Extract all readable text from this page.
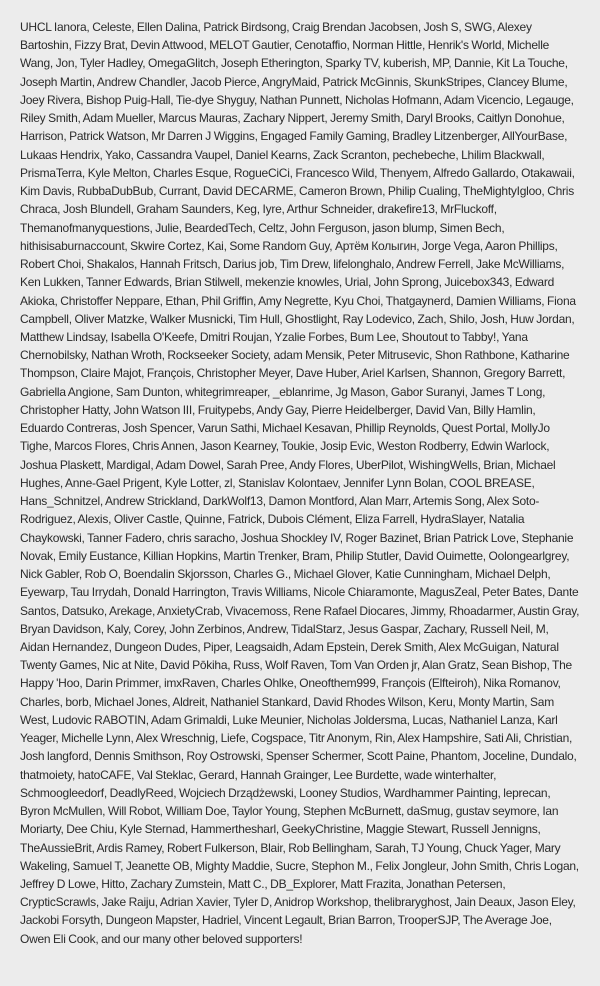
UHCL Ianora, Celeste, Ellen Dalina, Patrick Birdsong, Craig Brendan Jacobsen, Josh S, SWG, Alexey Bartoshin, Fizzy Brat, Devin Attwood, MELOT Gautier, Cenotaffio, Norman Hittle, Henrik's World, Michelle Wang, Jon, Tyler Hadley, OmegaGlitch, Joseph Etherington, Sparky TV, kuberish, MP, Dannie, Kit La Touche, Joseph Martin, Andrew Chandler, Jacob Pierce, AngryMaid, Patrick McGinnis, SkunkStripes, Clancey Blume, Joey Rivera, Bishop Puig-Hall, Tie-dye Shyguy, Nathan Punnett, Nicholas Hofmann, Adam Vicencio, Legauge, Riley Smith, Adam Mueller, Marcus Mauras, Zachary Nippert, Jeremy Smith, Daryl Brooks, Caitlyn Donohue, Harrison, Patrick Watson, Mr Darren J Wiggins, Engaged Family Gaming, Bradley Litzenberger, AllYourBase, Lukaas Hendrix, Yako, Cassandra Vaupel, Daniel Kearns, Zack Scranton, pechebeche, Lhilim Blackwall, PrismaTerra, Kyle Melton, Charles Esque, RogueCiCi, Francesco Wild, Thenyem, Alfredo Gallardo, Otakawaii, Kim Davis, RubbaDubBub, Currant, David DECARME, Cameron Brown, Philip Cualing, TheMightyIgloo, Chris Chraca, Josh Blundell, Graham Saunders, Keg, Iyre, Arthur Schneider, drakefire13, MrFluckoff, Themanofmanyquestions, Julie, BeardedTech, Celtz, John Ferguson, jason blump, Simen Bech, hithisisaburnaccount, Skwire Cortez, Kai, Some Random Guy, Артём Колыгин, Jorge Vega, Aaron Phillips, Robert Choi, Shakalos, Hannah Fritsch, Darius job, Tim Drew, lifelonghalo, Andrew Ferrell, Jake McWilliams, Ken Lukken, Tanner Edwards, Brian Stilwell, mekenzie knowles, Urial, John Sprong, Juicebox343, Edward Akioka, Christoffer Neppare, Ethan, Phil Griffin, Amy Negrette, Kyu Choi, Thatgaynerd, Damien Williams, Fiona Campbell, Oliver Matzke, Walker Musnicki, Tim Hull, Ghostlight, Ray Lodevico, Zach, Shilo, Josh, Huw Jordan, Matthew Lindsay, Isabella O'Keefe, Dmitri Roujan, Yzalie Forbes, Bum Lee, Shoutout to Tabby!, Yana Chernobilsky, Nathan Wroth, Rockseeker Society, adam Mensik, Peter Mitrusevic, Shon Rathbone, Katharine Thompson, Claire Majot, François, Christopher Meyer, Dave Huber, Ariel Karlsen, Shannon, Gregory Barrett, Gabriella Angione, Sam Dunton, whitegrimreaper, _eblanrime, Jg Mason, Gabor Suranyi, James T Long, Christopher Hatty, John Watson III, Fruitypebs, Andy Gay, Pierre Heidelberger, David Van, Billy Hamlin, Eduardo Contreras, Josh Spencer, Varun Sathi, Michael Kesavan, Phillip Reynolds, Quest Portal, MollyJo Tighe, Marcos Flores, Chris Annen, Jason Kearney, Toukie, Josip Evic, Weston Rodberry, Edwin Warlock, Joshua Plaskett, Mardigal, Adam Dowel, Sarah Pree, Andy Flores, UberPilot, WishingWells, Brian, Michael Hughes, Anne-Gael Prigent, Kyle Lotter, zl, Stanislav Kolontaev, Jennifer Lynn Bolan, COOL BREASE, Hans_Schnitzel, Andrew Strickland, DarkWolf13, Damon Montford, Alan Marr, Artemis Song, Alex Soto-Rodriguez, Alexis, Oliver Castle, Quinne, Fatrick, Dubois Clément, Eliza Farrell, HydraSlayer, Natalia Chaykowski, Tanner Fadero, chris saracho, Joshua Shockley IV, Roger Bazinet, Brian Patrick Love, Stephanie Novak, Emily Eustance, Killian Hopkins, Martin Trenker, Bram, Philip Stutler, David Ouimette, Oolongearlgrey, Nick Gabler, Rob O, Boendalin Skjorsson, Charles G., Michael Glover, Katie Cunningham, Michael Delph, Eyewarp, Tau Irrydah, Donald Harrington, Travis Williams, Nicole Chiaramonte, MagusZeal, Peter Bates, Dante Santos, Datsuko, Arekage, AnxietyCrab, Vivacemoss, Rene Rafael Diocares, Jimmy, Rhoadarmer, Austin Gray, Bryan Davidson, Kaly, Corey, John Zerbinos, Andrew, TidalStarz, Jesus Gaspar, Zachary, Russell Neil, M, Aidan Hernandez, Dungeon Dudes, Piper, Leagsaidh, Adam Epstein, Derek Smith, Alex McGuigan, Natural Twenty Games, Nic at Nite, David Pōkiha, Russ, Wolf Raven, Tom Van Orden jr, Alan Gratz, Sean Bishop, The Happy 'Hoo, Darin Primmer, imxRaven, Charles Ohlke, Oneofthem999, François (Elfteiroh), Nika Romanov, Charles, borb, Michael Jones, Aldreit, Nathaniel Stankard, David Rhodes Wilson, Keru, Monty Martin, Sam West, Ludovic RABOTIN, Adam Grimaldi, Luke Meunier, Nicholas Joldersma, Lucas, Nathaniel Lanza, Karl Yeager, Michelle Lynn, Alex Wreschnig, Liefe, Cogspace, Titr Anonym, Rin, Alex Hampshire, Sati Ali, Christian, Josh langford, Dennis Smithson, Roy Ostrowski, Spenser Schermer, Scott Paine, Phantom, Joceline, Dundalo, thatmoiety, hatoCAFE, Val Steklac, Gerard, Hannah Grainger, Lee Burdette, wade winterhalter, Schmoogleedorf, DeadlyReed, Wojciech Drządżewski, Looney Studios, Wardhammer Painting, leprecan, Byron McMullen, Will Robot, William Doe, Taylor Young, Stephen McBurnett, daSmug, gustav seymore, Ian Moriarty, Dee Chiu, Kyle Sternad, Hammerthesharl, GeekyChristine, Maggie Stewart, Russell Jennigns, TheAussieBrit, Ardis Ramey, Robert Fulkerson, Blair, Rob Bellingham, Sarah, TJ Young, Chuck Yager, Mary Wakeling, Samuel T, Jeanette OB, Mighty Maddie, Sucre, Stephon M., Felix Jongleur, John Smith, Chris Logan, Jeffrey D Lowe, Hitto, Zachary Zumstein, Matt C., DB_Explorer, Matt Frazita, Jonathan Petersen, CrypticScrawls, Jake Raiju, Adrian Xavier, Tyler D, Anidrop Workshop, thelibraryghost, Jain Deaux, Jason Eley, Jackobi Forsyth, Dungeon Mapster, Hadriel, Vincent Legault, Brian Barron, TrooperSJP, The Average Joe, Owen Eli Cook, and our many other beloved supporters!
